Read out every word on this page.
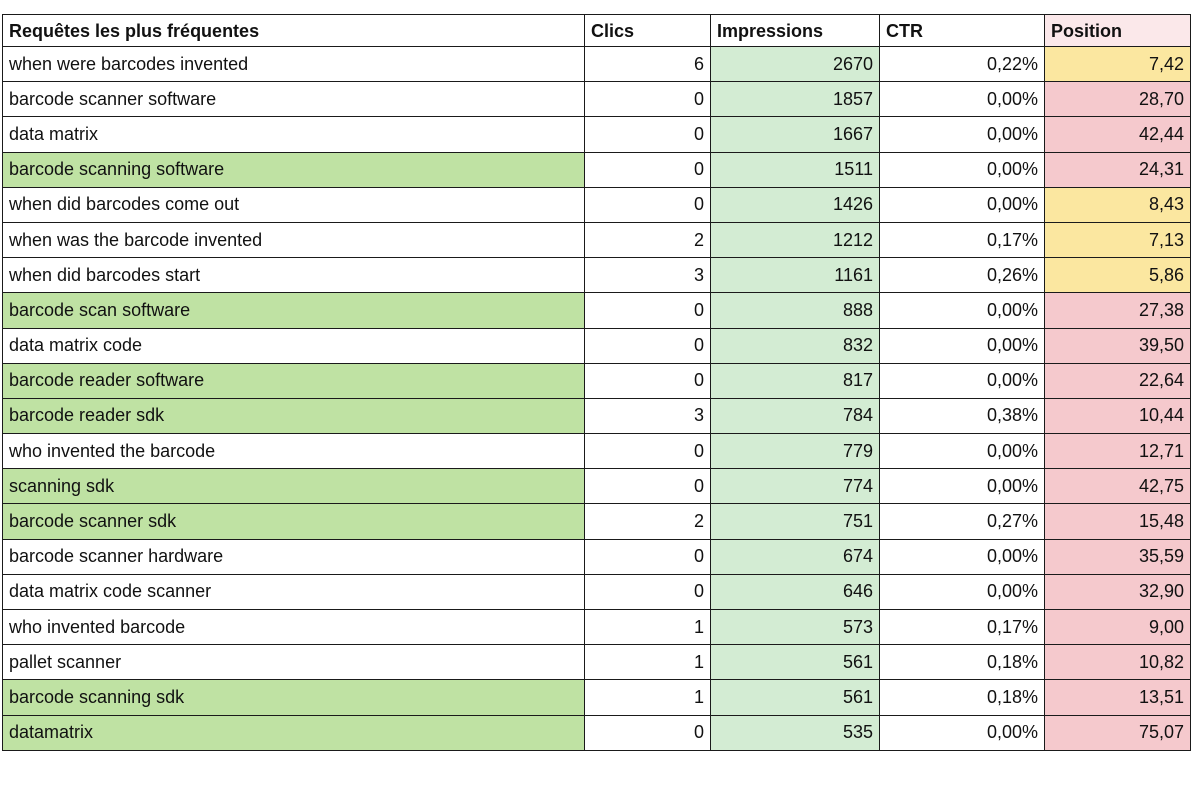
Requêtes les plus fréquentes	Clics	Impressions	CTR	Position
when were barcodes invented	6	2670	0,22%	7,42
barcode scanner software	0	1857	0,00%	28,70
data matrix	0	1667	0,00%	42,44
barcode scanning software	0	1511	0,00%	24,31
when did barcodes come out	0	1426	0,00%	8,43
when was the barcode invented	2	1212	0,17%	7,13
when did barcodes start	3	1161	0,26%	5,86
barcode scan software	0	888	0,00%	27,38
data matrix code	0	832	0,00%	39,50
barcode reader software	0	817	0,00%	22,64
barcode reader sdk	3	784	0,38%	10,44
who invented the barcode	0	779	0,00%	12,71
scanning sdk	0	774	0,00%	42,75
barcode scanner sdk	2	751	0,27%	15,48
barcode scanner hardware	0	674	0,00%	35,59
data matrix code scanner	0	646	0,00%	32,90
who invented barcode	1	573	0,17%	9,00
pallet scanner	1	561	0,18%	10,82
barcode scanning sdk	1	561	0,18%	13,51
datamatrix	0	535	0,00%	75,07
